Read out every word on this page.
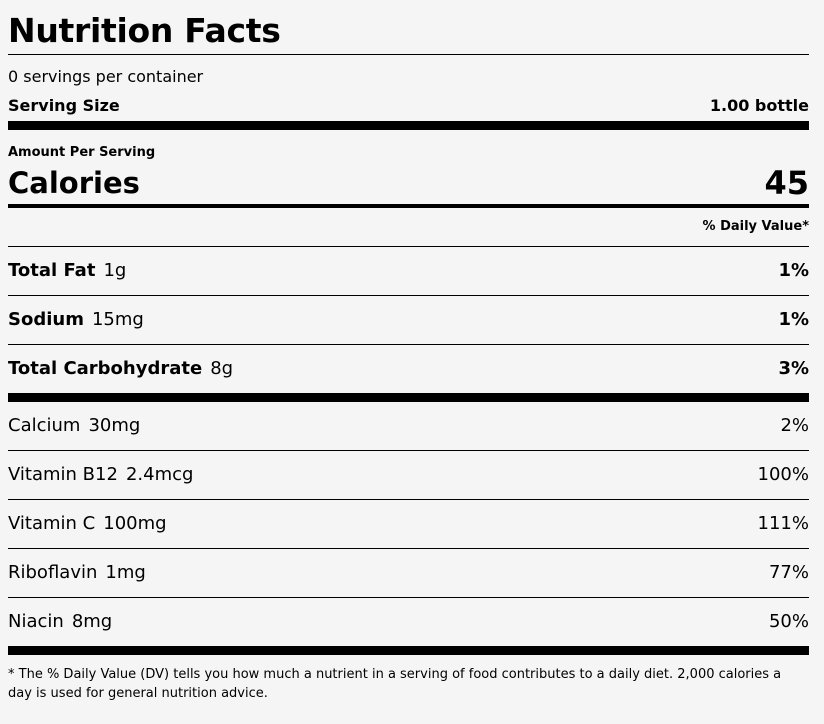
Nutrition Facts
0 servings per container
Serving Size	1.00 bottle
Amount Per Serving
Calories	45
% Daily Value*
Total Fat 1g	1%
Sodium 15mg	1%
Total Carbohydrate 8g	3%
Calcium 30mg	2%
Vitamin B12 2.4mcg	100%
Vitamin C 100mg	111%
Riboflavin 1mg	77%
Niacin 8mg	50%
* The % Daily Value (DV) tells you how much a nutrient in a serving of food contributes to a daily diet. 2,000 calories a day is used for general nutrition advice.
